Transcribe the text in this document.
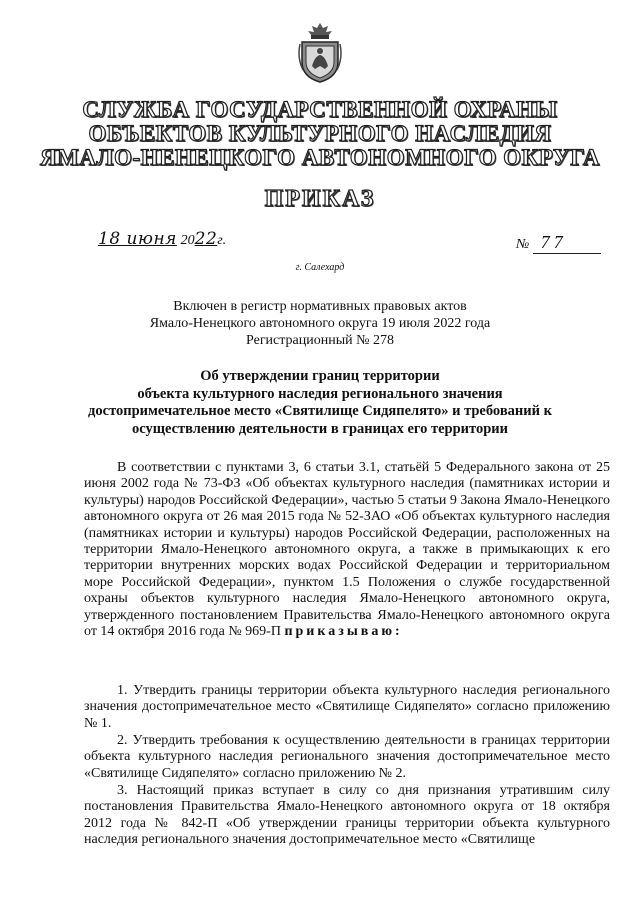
СЛУЖБА ГОСУДАРСТВЕННОЙ ОХРАНЫ
ОБЪЕКТОВ КУЛЬТУРНОГО НАСЛЕДИЯ
ЯМАЛО-НЕНЕЦКОГО АВТОНОМНОГО ОКРУГА
ПРИКАЗ
18 июня 2022г.	№ 77
г. Салехард
Включен в регистр нормативных правовых актов
Ямало-Ненецкого автономного округа 19 июля 2022 года
Регистрационный № 278
Об утверждении границ территории
объекта культурного наследия регионального значения
достопримечательное место «Святилище Сидяпелято» и требований к
осуществлению деятельности в границах его территории
В соответствии с пунктами 3, 6 статьи 3.1, статьёй 5 Федерального закона от 25 июня 2002 года № 73-ФЗ «Об объектах культурного наследия (памятниках истории и культуры) народов Российской Федерации», частью 5 статьи 9 Закона Ямало-Ненецкого автономного округа от 26 мая 2015 года № 52-ЗАО «Об объектах культурного наследия (памятниках истории и культуры) народов Российской Федерации, расположенных на территории Ямало-Ненецкого автономного округа, а также в примыкающих к его территории внутренних морских водах Российской Федерации и территориальном море Российской Федерации», пунктом 1.5 Положения о службе государственной охраны объектов культурного наследия Ямало-Ненецкого автономного округа, утвержденного постановлением Правительства Ямало-Ненецкого автономного округа от 14 октября 2016 года № 969-П приказываю:
1. Утвердить границы территории объекта культурного наследия регионального значения достопримечательное место «Святилище Сидяпелято» согласно приложению № 1.
2. Утвердить требования к осуществлению деятельности в границах территории объекта культурного наследия регионального значения достопримечательное место «Святилище Сидяпелято» согласно приложению № 2.
3. Настоящий приказ вступает в силу со дня признания утратившим силу постановления Правительства Ямало-Ненецкого автономного округа от 18 октября 2012 года № 842-П «Об утверждении границы территории объекта культурного наследия регионального значения достопримечательное место «Святилище
